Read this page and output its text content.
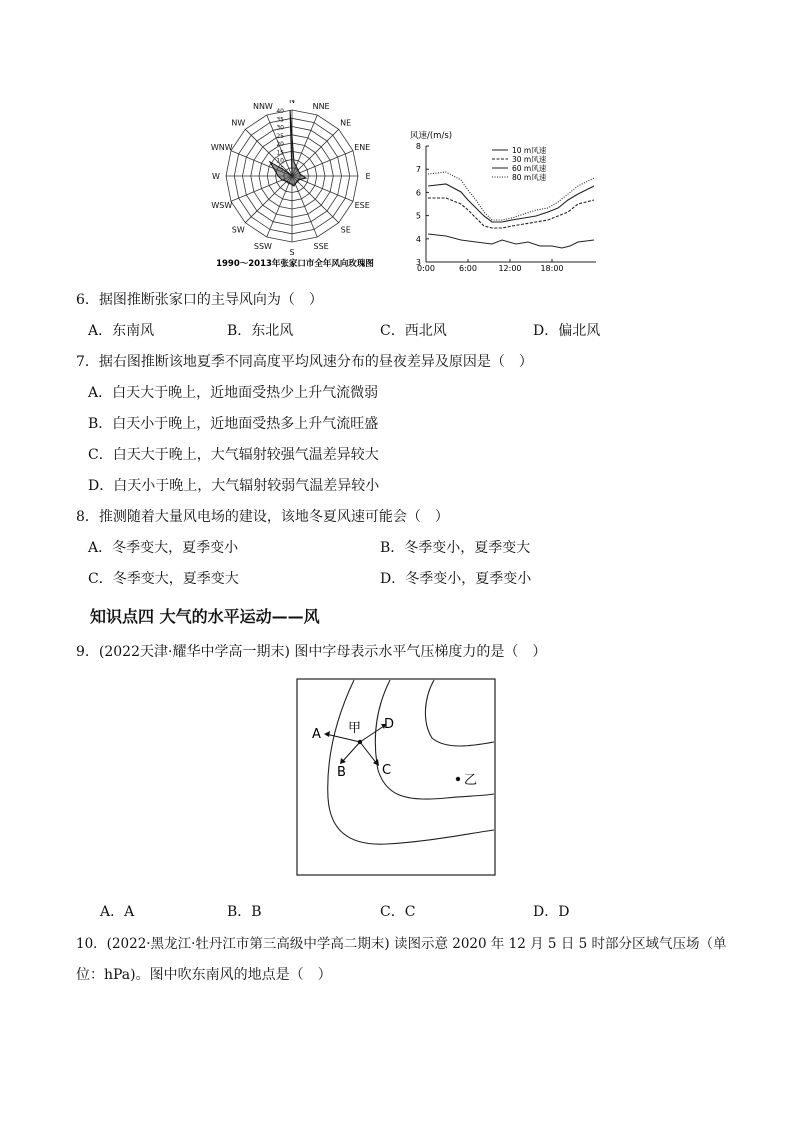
N
NNE
NE
ENE
E
ESE
SE
SSE
S
SSW
SW
WSW
W
WNW
NW
NNW
10
15
20
25
30
35
40
1990～2013年张家口市全年风向玫瑰图
风速/(m/s)
3
4
5
6
7
8
0:00	6:00	12:00 18:00
10 m风速
30 m风速
60 m风速
80 m风速
6．据图推断张家口的主导风向为（　）
A．东南风	B．东北风	C．西北风	D．偏北风
7．据右图推断该地夏季不同高度平均风速分布的昼夜差异及原因是（　）
A．白天大于晚上，近地面受热少上升气流微弱
B．白天小于晚上，近地面受热多上升气流旺盛
C．白天大于晚上，大气辐射较强气温差异较大
D．白天小于晚上，大气辐射较弱气温差异较小
8．推测随着大量风电场的建设，该地冬夏风速可能会（　）
A．冬季变大，夏季变小	B．冬季变小，夏季变大
C．冬季变大，夏季变大	D．冬季变小，夏季变小
知识点四 大气的水平运动——风
9．(2022天津·耀华中学高一期末) 图中字母表示水平气压梯度力的是（　）
A
B	C
D
甲
乙
A．A	B．B	C．C	D．D
10．(2022·黑龙江·牡丹江市第三高级中学高二期末) 读图示意 2020 年 12 月 5 日 5 时部分区域气压场（单
位：hPa)。图中吹东南风的地点是（　）
